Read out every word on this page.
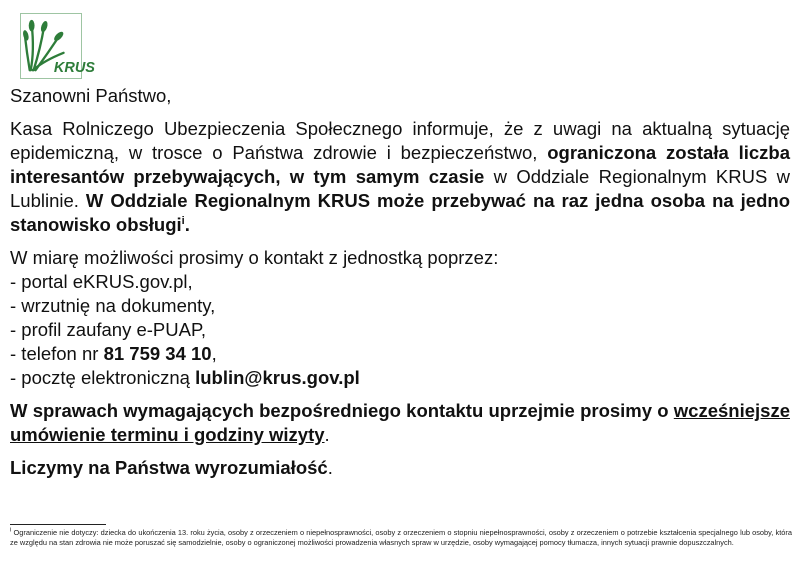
KRUS

Szanowni Państwo,

Kasa Rolniczego Ubezpieczenia Społecznego informuje, że z uwagi na aktualną sytuację epidemiczną, w trosce o Państwa zdrowie i bezpieczeństwo, ograniczona została liczba interesantów przebywających, w tym samym czasie w Oddziale Regionalnym KRUS w Lublinie. W Oddziale Regionalnym KRUS może przebywać na raz jedna osoba na jedno stanowisko obsługi$^i$.

W miarę możliwości prosimy o kontakt z jednostką poprzez:

- portal eKRUS.gov.pl,

- wrzutnię na dokumenty,

- profil zaufany e-PUAP,

- telefon nr 81 759 34 10,

- pocztę elektroniczną lublin@krus.gov.pl

W sprawach wymagających bezpośredniego kontaktu uprzejmie prosimy o wcześniejsze umówienie terminu i godziny wizyty.

Liczymy na Państwa wyrozumiałość.

$^i$ Ograniczenie nie dotyczy: dziecka do ukończenia 13. roku życia, osoby z orzeczeniem o niepełnosprawności, osoby z orzeczeniem o stopniu niepełnosprawności, osoby z orzeczeniem o potrzebie kształcenia specjalnego lub osoby, która ze względu na stan zdrowia nie może poruszać się samodzielnie, osoby o ograniczonej możliwości prowadzenia własnych spraw w urzędzie, osoby wymagającej pomocy tłumacza, innych sytuacji prawnie dopuszczalnych.
